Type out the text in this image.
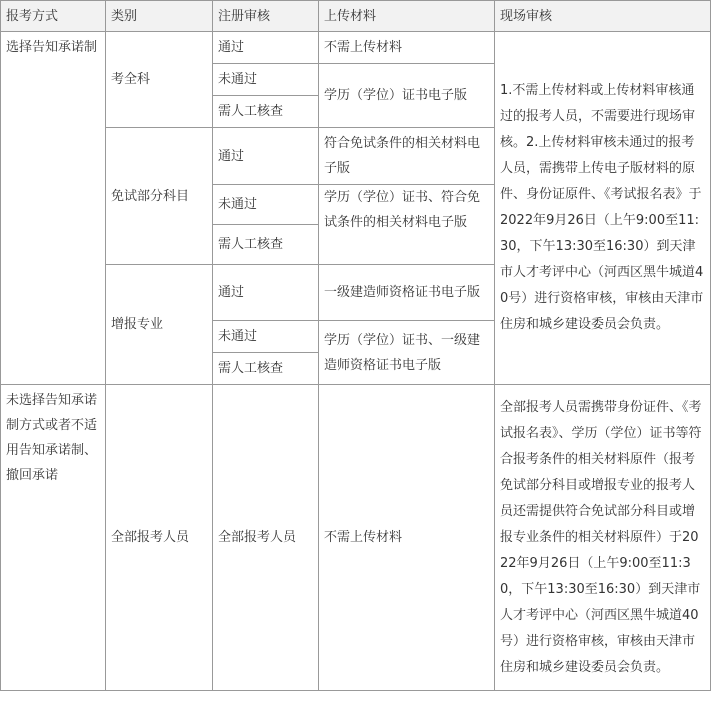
报考方式	类别	注册审核	上传材料	现场审核
选择告知承诺制	考全科	通过	不需上传材料	1.不需上传材料或上传材料审核通过的报考人员，不需要进行现场审核。2.上传材料审核未通过的报考人员，需携带上传电子版材料的原件、身份证原件、《考试报名表》于2022年9月26日（上午9:00至11:30，下午13:30至16:30）到天津市人才考评中心（河西区黑牛城道40号）进行资格审核，审核由天津市住房和城乡建设委员会负责。
		未通过	学历（学位）证书电子版	
		需人工核查		
	免试部分科目	通过	符合免试条件的相关材料电子版	
		未通过	学历（学位）证书、符合免试条件的相关材料电子版	
		需人工核查		
	增报专业	通过	一级建造师资格证书电子版	
		未通过	学历（学位）证书、一级建造师资格证书电子版	
		需人工核查		
未选择告知承诺制方式或者不适用告知承诺制、撤回承诺	全部报考人员	全部报考人员	不需上传材料	全部报考人员需携带身份证件、《考试报名表》、学历（学位）证书等符合报考条件的相关材料原件（报考免试部分科目或增报专业的报考人员还需提供符合免试部分科目或增报专业条件的相关材料原件）于2022年9月26日（上午9:00至11:30，下午13:30至16:30）到天津市人才考评中心（河西区黑牛城道40号）进行资格审核，审核由天津市住房和城乡建设委员会负责。
